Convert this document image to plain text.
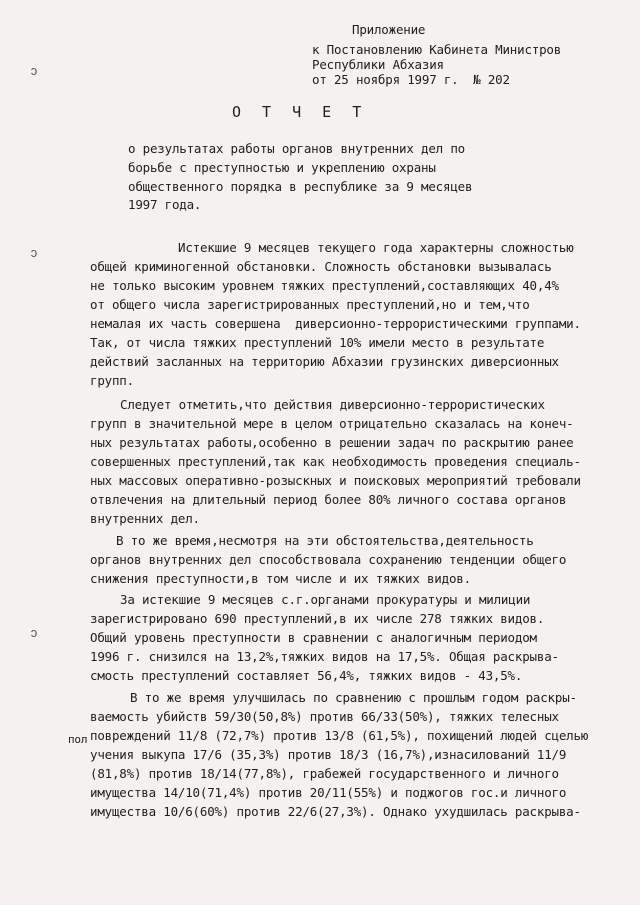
ↄ
ↄ
ↄ
Приложение
к Постановлению Кабинета Министров
Республики Абхазия
от 25 ноября 1997 г.  № 202
О Т Ч Е Т
о результатах работы органов внутренних дел по
борьбе с преступностью и укреплению охраны
общественного порядка в республике за 9 месяцев
1997 года.
Истекшие 9 месяцев текущего года характерны сложностью
общей криминогенной обстановки. Сложность обстановки вызывалась
не только высоким уровнем тяжких преступлений,составляющих 40,4%
от общего числа зарегистрированных преступлений,но и тем,что
немалая их часть совершена  диверсионно-террористическими группами.
Так, от числа тяжких преступлений 10% имели место в результате
действий засланных на территорию Абхазии грузинских диверсионных
групп.
Следует отметить,что действия диверсионно-террористических
групп в значительной мере в целом отрицательно сказалась на конеч-
ных результатах работы,особенно в решении задач по раскрытию ранее
совершенных преступлений,так как необходимость проведения специаль-
ных массовых оперативно-розыскных и поисковых мероприятий требовали
отвлечения на длительный период более 80% личного состава органов
внутренних дел.
В то же время,несмотря на эти обстоятельства,деятельность
органов внутренних дел способствовала сохранению тенденции общего
снижения преступности,в том числе и их тяжких видов.
За истекшие 9 месяцев с.г.органами прокуратуры и милиции
зарегистрировано 690 преступлений,в их числе 278 тяжких видов.
Общий уровень преступности в сравнении с аналогичным периодом
1996 г. снизился на 13,2%,тяжких видов на 17,5%. Общая раскрыва-
смость преступлений составляет 56,4%, тяжких видов - 43,5%.
В то же время улучшилась по сравнению с прошлым годом раскры-
ваемость убийств 59/30(50,8%) против 66/33(50%), тяжких телесных
повреждений 11/8 (72,7%) против 13/8 (61,5%), похищений людей сцелью
учения выкупа 17/6 (35,3%) против 18/3 (16,7%),изнасилований 11/9
(81,8%) против 18/14(77,8%), грабежей государственного и личного
имущества 14/10(71,4%) против 20/11(55%) и поджогов гос.и личного
имущества 10/6(60%) против 22/6(27,3%). Однако ухудшилась раскрыва-
пол
